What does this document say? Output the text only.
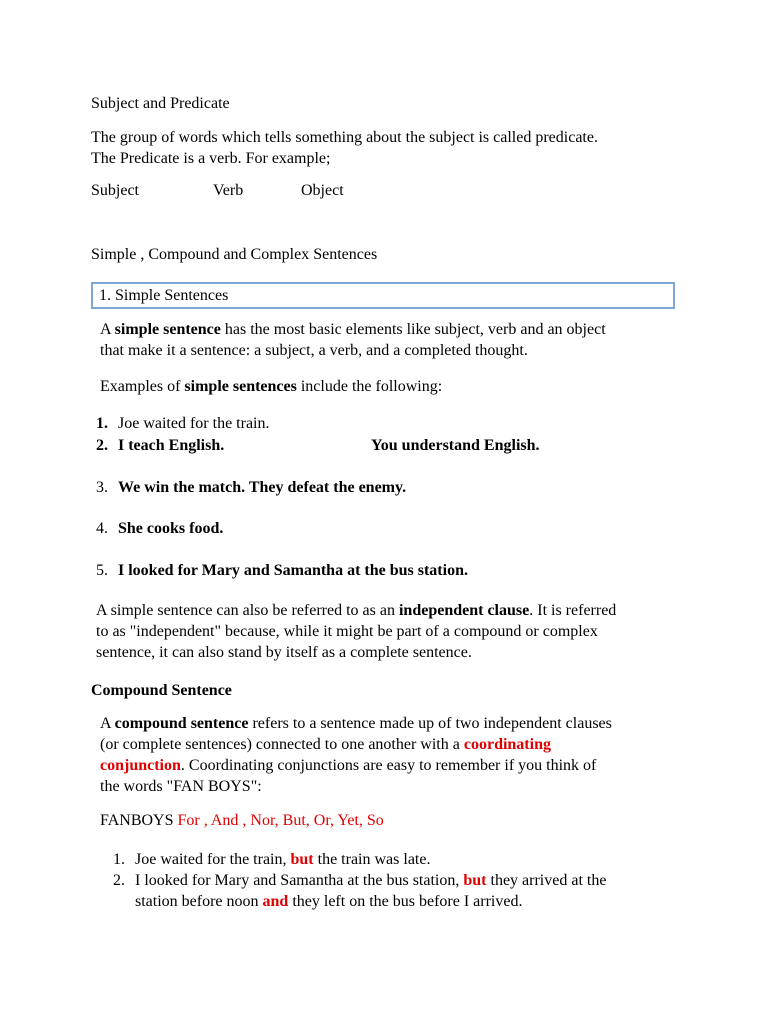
Subject and Predicate
The group of words which tells something about the subject is called predicate.
The Predicate is a verb. For example;
Subject	Verb	Object
Simple , Compound and Complex Sentences
1. Simple Sentences
A simple sentence has the most basic elements like subject, verb and an object
that make it a sentence: a subject, a verb, and a completed thought.
Examples of simple sentences include the following:
1. Joe waited for the train.
2. I teach English.	You understand English.
3. We win the match. They defeat the enemy.
4. She cooks food.
5. I looked for Mary and Samantha at the bus station.
A simple sentence can also be referred to as an independent clause. It is referred
to as "independent" because, while it might be part of a compound or complex
sentence, it can also stand by itself as a complete sentence.
Compound Sentence
A compound sentence refers to a sentence made up of two independent clauses
(or complete sentences) connected to one another with a coordinating
conjunction. Coordinating conjunctions are easy to remember if you think of
the words "FAN BOYS":
FANBOYS For , And , Nor, But, Or, Yet, So
1. Joe waited for the train, but the train was late.
2. I looked for Mary and Samantha at the bus station, but they arrived at the
station before noon and they left on the bus before I arrived.
